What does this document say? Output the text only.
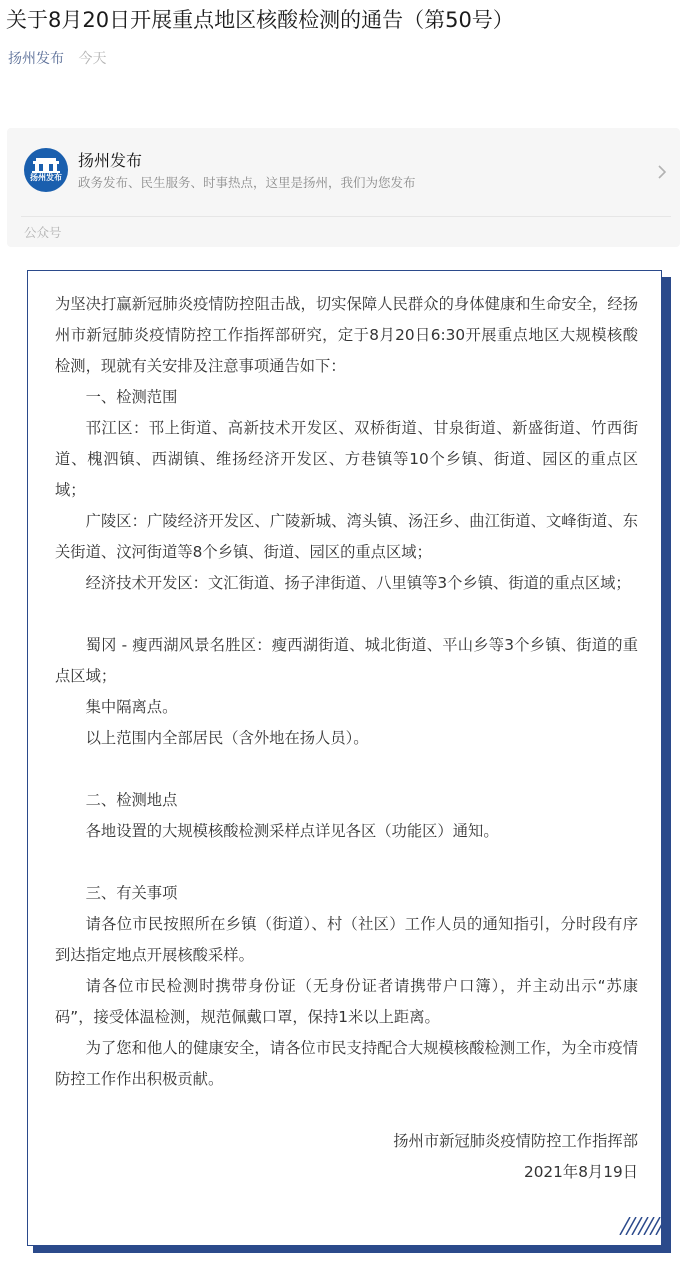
关于8月20日开展重点地区核酸检测的通告（第50号）
扬州发布 今天
扬州发布
扬州发布
政务发布、民生服务、时事热点，这里是扬州，我们为您发布
公众号

为坚决打赢新冠肺炎疫情防控阻击战，切实保障人民群众的身体健康和生命安全，经扬州市新冠肺炎疫情防控工作指挥部研究，定于8月20日6:30开展重点地区大规模核酸检测，现就有关安排及注意事项通告如下：

一、检测范围

邗江区：邗上街道、高新技术开发区、双桥街道、甘泉街道、新盛街道、竹西街道、槐泗镇、西湖镇、维扬经济开发区、方巷镇等10个乡镇、街道、园区的重点区域；

广陵区：广陵经济开发区、广陵新城、湾头镇、汤汪乡、曲江街道、文峰街道、东关街道、汶河街道等8个乡镇、街道、园区的重点区域；

经济技术开发区：文汇街道、扬子津街道、八里镇等3个乡镇、街道的重点区域；

蜀冈 - 瘦西湖风景名胜区：瘦西湖街道、城北街道、平山乡等3个乡镇、街道的重点区域；

集中隔离点。

以上范围内全部居民（含外地在扬人员）。

二、检测地点

各地设置的大规模核酸检测采样点详见各区（功能区）通知。

三、有关事项

请各位市民按照所在乡镇（街道）、村（社区）工作人员的通知指引，分时段有序到达指定地点开展核酸采样。

请各位市民检测时携带身份证（无身份证者请携带户口簿），并主动出示“苏康码”，接受体温检测，规范佩戴口罩，保持1米以上距离。

为了您和他人的健康安全，请各位市民支持配合大规模核酸检测工作，为全市疫情防控工作作出积极贡献。

扬州市新冠肺炎疫情防控工作指挥部
2021年8月19日
